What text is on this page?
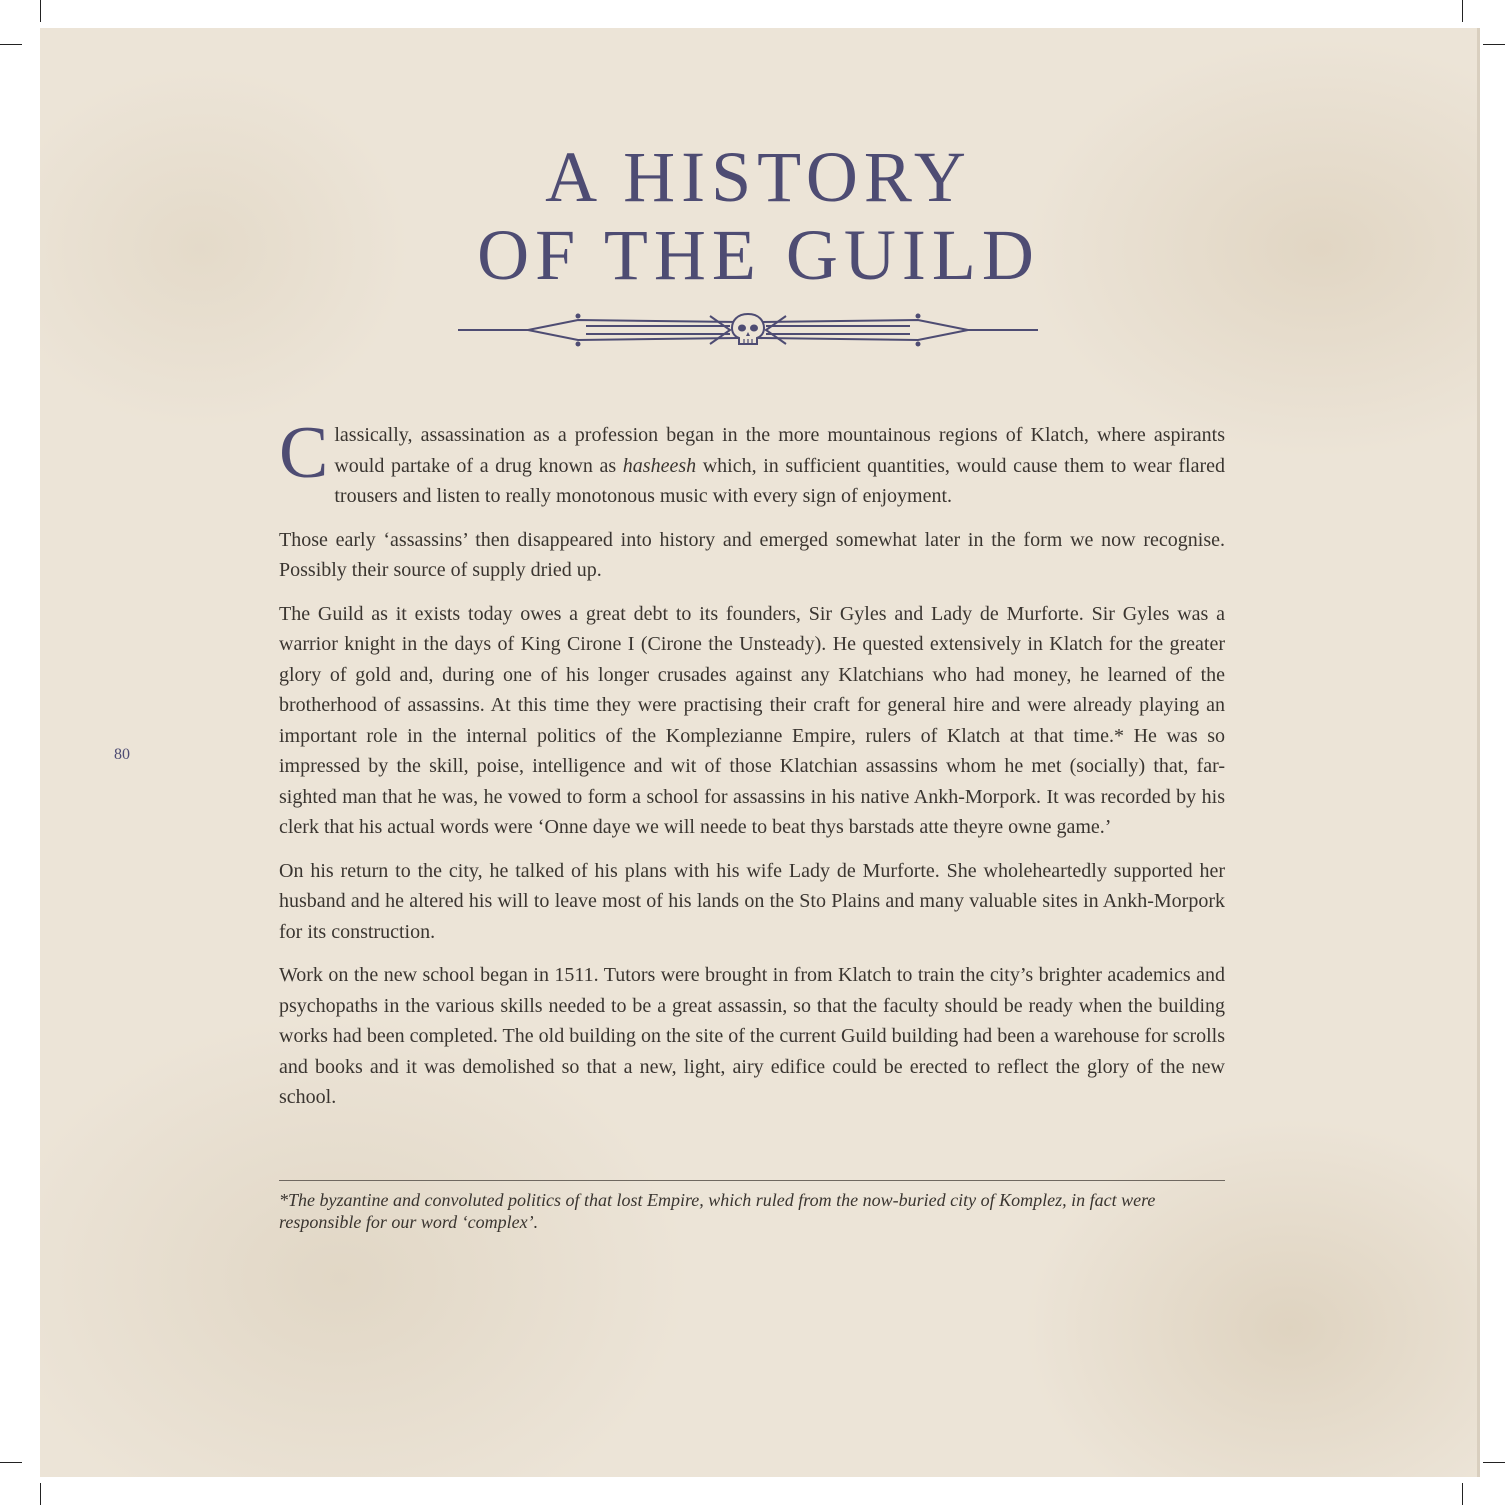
A HISTORY
OF THE GUILD

Classically, assassination as a profession began in the more mountainous regions of Klatch, where aspirants would partake of a drug known as hasheesh which, in sufficient quantities, would cause them to wear flared trousers and listen to really monotonous music with every sign of enjoyment.

Those early ‘assassins’ then disappeared into history and emerged somewhat later in the form we now recognise. Possibly their source of supply dried up.

The Guild as it exists today owes a great debt to its founders, Sir Gyles and Lady de Murforte. Sir Gyles was a warrior knight in the days of King Cirone I (Cirone the Unsteady). He quested extensively in Klatch for the greater glory of gold and, during one of his longer crusades against any Klatchians who had money, he learned of the brotherhood of assassins. At this time they were practising their craft for general hire and were already playing an important role in the internal politics of the Komplezianne Empire, rulers of Klatch at that time.* He was so impressed by the skill, poise, intelligence and wit of those Klatchian assassins whom he met (socially) that, far-sighted man that he was, he vowed to form a school for assassins in his native Ankh-Morpork. It was recorded by his clerk that his actual words were ‘Onne daye we will neede to beat thys barstads atte theyre owne game.’

On his return to the city, he talked of his plans with his wife Lady de Murforte. She wholeheartedly supported her husband and he altered his will to leave most of his lands on the Sto Plains and many valuable sites in Ankh-Morpork for its construction.

Work on the new school began in 1511. Tutors were brought in from Klatch to train the city’s brighter academics and psychopaths in the various skills needed to be a great assassin, so that the faculty should be ready when the building works had been completed. The old building on the site of the current Guild building had been a warehouse for scrolls and books and it was demolished so that a new, light, airy edifice could be erected to reflect the glory of the new school.

*The byzantine and convoluted politics of that lost Empire, which ruled from the now-buried city of Komplez, in fact were responsible for our word ‘complex’.
80
